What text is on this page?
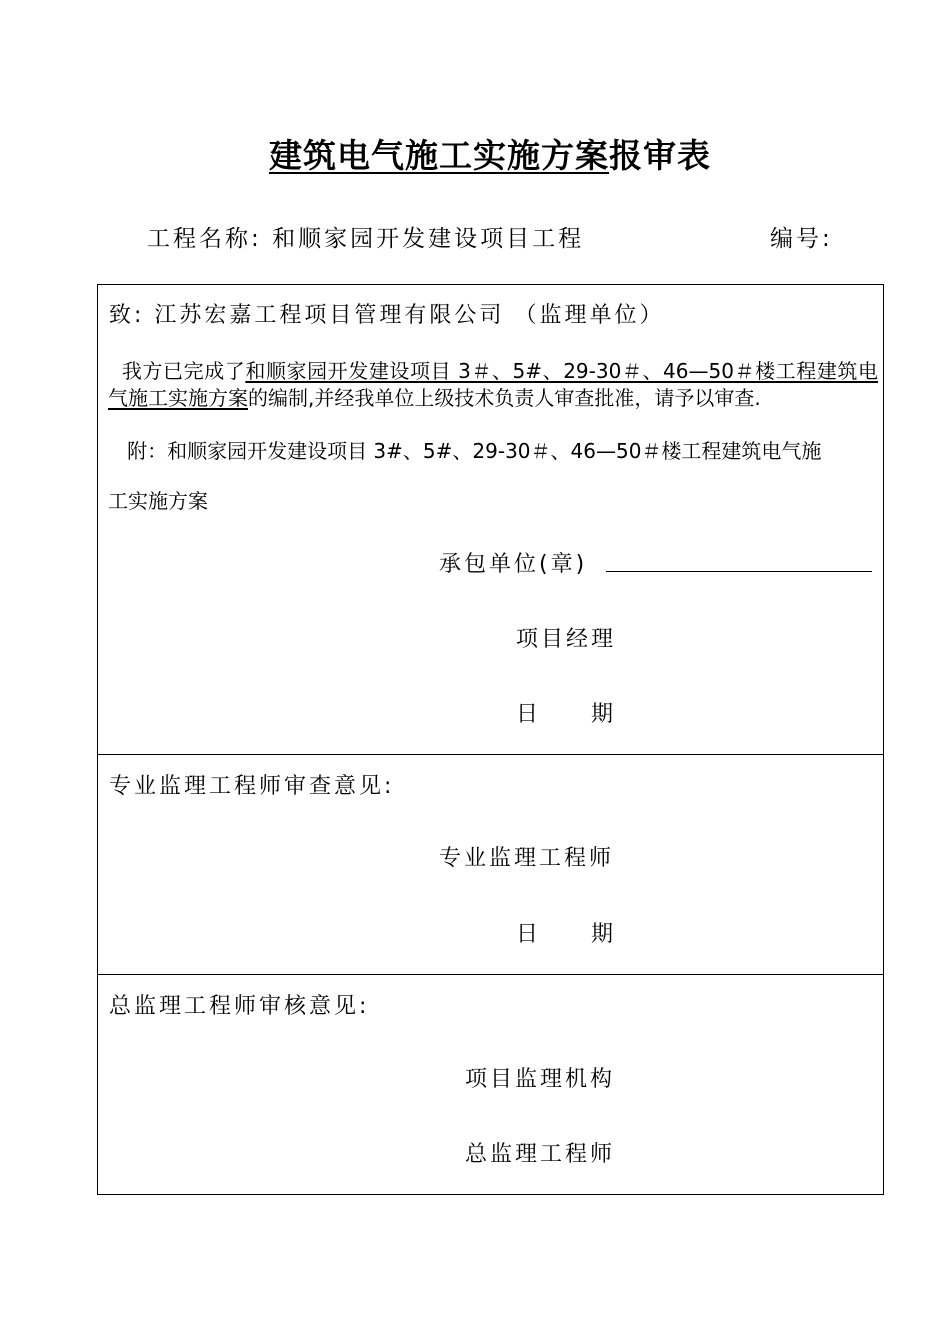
建筑电气施工实施方案报审表
工程名称: 和顺家园开发建设项目工程	编号:
致: 江苏宏嘉工程项目管理有限公司 （监理单位）
我方已完成了和顺家园开发建设项目 3＃、5#、29-30＃、46—50＃楼工程建筑电气施工实施方案的编制,并经我单位上级技术负责人审查批准，请予以审查.
附：和顺家园开发建设项目 3#、5#、29-30＃、46—50＃楼工程建筑电气施
工实施方案
承包单位(章)
项目经理
日　　期
专业监理工程师审查意见:
专业监理工程师
日　　期
总监理工程师审核意见:
项目监理机构
总监理工程师
